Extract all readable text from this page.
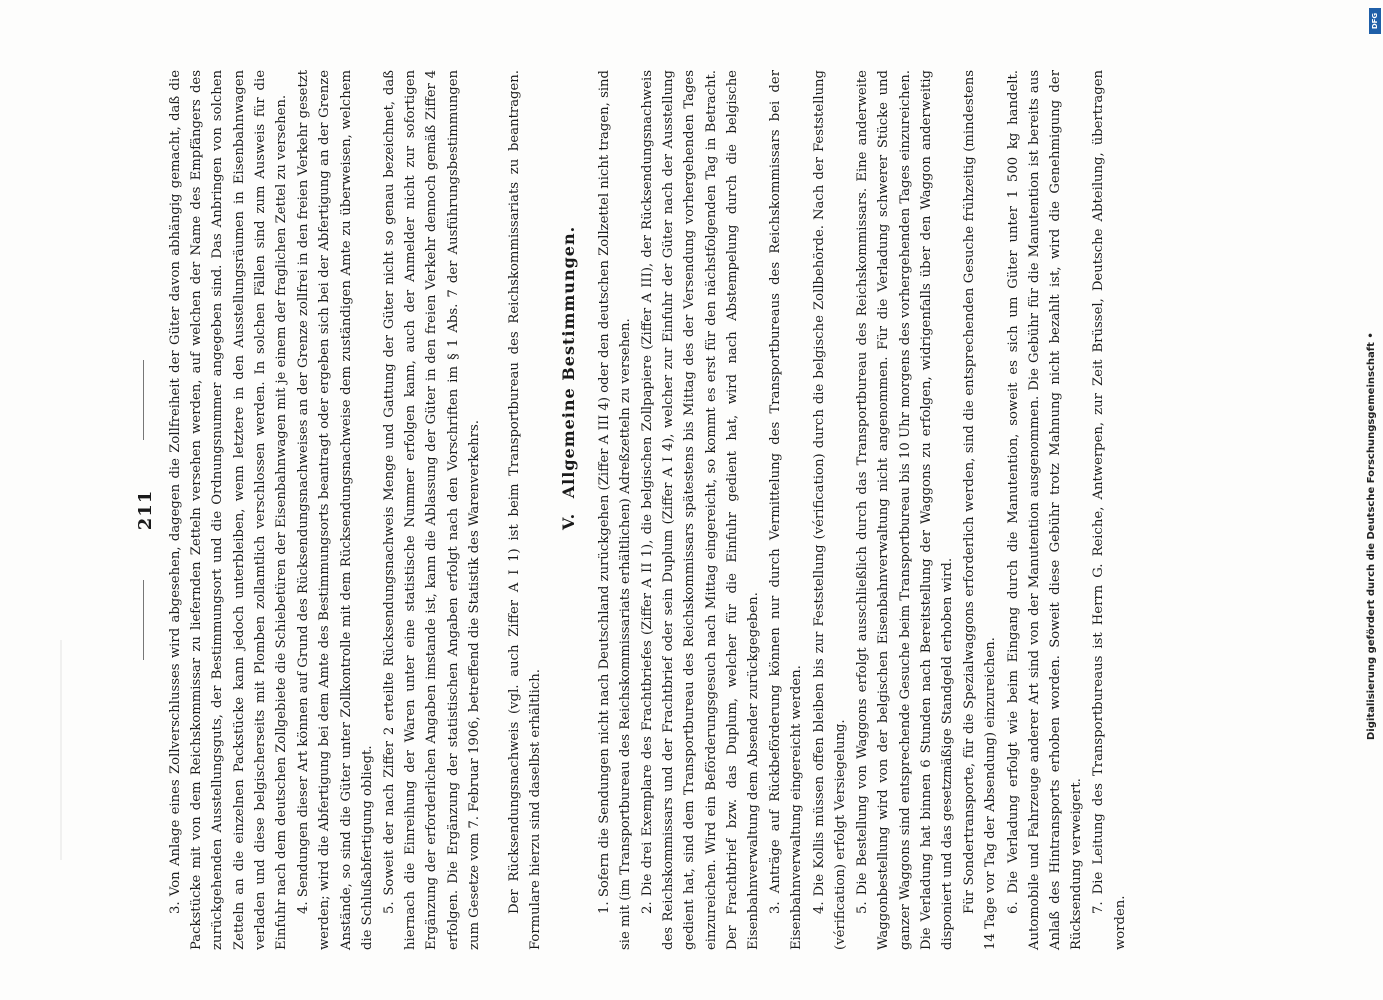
211 3. Von Anlage eines Zollverschlusses wird abgesehen, dagegen die Zollfreiheit der Güter davon abhängig gemacht, daß die Packstücke mit von dem Reichskommissar zu liefernden Zetteln versehen werden, auf welchen der Name des Empfängers des zurückgehenden Ausstellungsguts, der Bestimmungsort und die Ordnungsnummer angegeben sind. Das Anbringen von solchen Zetteln an die einzelnen Packstücke kann jedoch unterbleiben, wenn letztere in den Ausstellungsräumen in Eisenbahnwagen verladen und diese belgischerseits mit Plomben zollamtlich verschlossen werden. In solchen Fällen sind zum Ausweis für die Einfuhr nach dem deutschen Zollgebiete die Schiebetüren der Eisenbahnwagen mit je einem der fraglichen Zettel zu versehen. 4. Sendungen dieser Art können auf Grund des Rücksendungsnachweises an der Grenze zollfrei in den freien Verkehr gesetzt werden; wird die Abfertigung bei dem Amte des Bestimmungsorts beantragt oder ergeben sich bei der Abfertigung an der Grenze Anstände, so sind die Güter unter Zollkontrolle mit dem Rücksendungsnachweise dem zuständigen Amte zu überweisen, welchem die Schlußabfertigung obliegt. 5. Soweit der nach Ziffer 2 erteilte Rücksendungsnachweis Menge und Gattung der Güter nicht so genau bezeichnet, daß hiernach die Einreihung der Waren unter eine statistische Nummer erfolgen kann, auch der Anmelder nicht zur sofortigen Ergänzung der erforderlichen Angaben imstande ist, kann die Ablassung der Güter in den freien Verkehr dennoch gemäß Ziffer 4 erfolgen. Die Ergänzung der statistischen Angaben erfolgt nach den Vorschriften im § 1 Abs. 7 der Ausführungsbestimmungen zum Gesetze vom 7. Februar 1906, betreffend die Statistik des Warenverkehrs. Der Rücksendungsnachweis (vgl. auch Ziffer A I 1) ist beim Transportbureau des Reichskommissariats zu beantragen. Formulare hierzu sind daselbst erhältlich.

V. Allgemeine Bestimmungen. 1. Sofern die Sendungen nicht nach Deutschland zurückgehen (Ziffer A III 4) oder den deutschen Zollzettel nicht tragen, sind sie mit (im Transportbureau des Reichskommissariats erhältlichen) Adreßzetteln zu versehen. 2. Die drei Exemplare des Frachtbriefes (Ziffer A II 1), die belgischen Zollpapiere (Ziffer A III), der Rücksendungsnachweis des Reichskommissars und der Frachtbrief oder sein Duplum (Ziffer A I 4), welcher zur Einfuhr der Güter nach der Ausstellung gedient hat, sind dem Transportbureau des Reichskommissars spätestens bis Mittag des der Versendung vorhergehenden Tages einzureichen. Wird ein Beförderungsgesuch nach Mittag eingereicht, so kommt es erst für den nächstfolgenden Tag in Betracht. Der Frachtbrief bzw. das Duplum, welcher für die Einfuhr gedient hat, wird nach Abstempelung durch die belgische Eisenbahnverwaltung dem Absender zurückgegeben. 3. Anträge auf Rückbeförderung können nur durch Vermittelung des Transportbureaus des Reichskommissars bei der Eisenbahnverwaltung eingereicht werden. 4. Die Kollis müssen offen bleiben bis zur Feststellung (vérification) durch die belgische Zollbehörde. Nach der Feststellung (vérification) erfolgt Versiegelung. 5. Die Bestellung von Waggons erfolgt ausschließlich durch das Transportbureau des Reichskommissars. Eine anderweite Waggonbestellung wird von der belgischen Eisenbahnverwaltung nicht angenommen. Für die Verladung schwerer Stücke und ganzer Waggons sind entsprechende Gesuche beim Transportbureau bis 10 Uhr morgens des vorhergehenden Tages einzureichen. Die Verladung hat binnen 6 Stunden nach Bereitstellung der Waggons zu erfolgen, widrigenfalls über den Waggon anderweitig disponiert und das gesetzmäßige Standgeld erhoben wird. Für Sondertransporte, für die Spezialwaggons erforderlich werden, sind die entsprechenden Gesuche frühzeitig (mindestens 14 Tage vor Tag der Absendung) einzureichen. 6. Die Verladung erfolgt wie beim Eingang durch die Manutention, soweit es sich um Güter unter 1 500 kg handelt. Automobile und Fahrzeuge anderer Art sind von der Manutention ausgenommen. Die Gebühr für die Manutention ist bereits aus Anlaß des Hintransports erhoben worden. Soweit diese Gebühr trotz Mahnung nicht bezahlt ist, wird die Genehmigung der Rücksendung verweigert. 7. Die Leitung des Transportbureaus ist Herrn G. Reiche, Antwerpen, zur Zeit Brüssel, Deutsche Abteilung, übertragen worden.

DFG
Digitalisierung gefördert durch die Deutsche Forschungsgemeinschaft •
